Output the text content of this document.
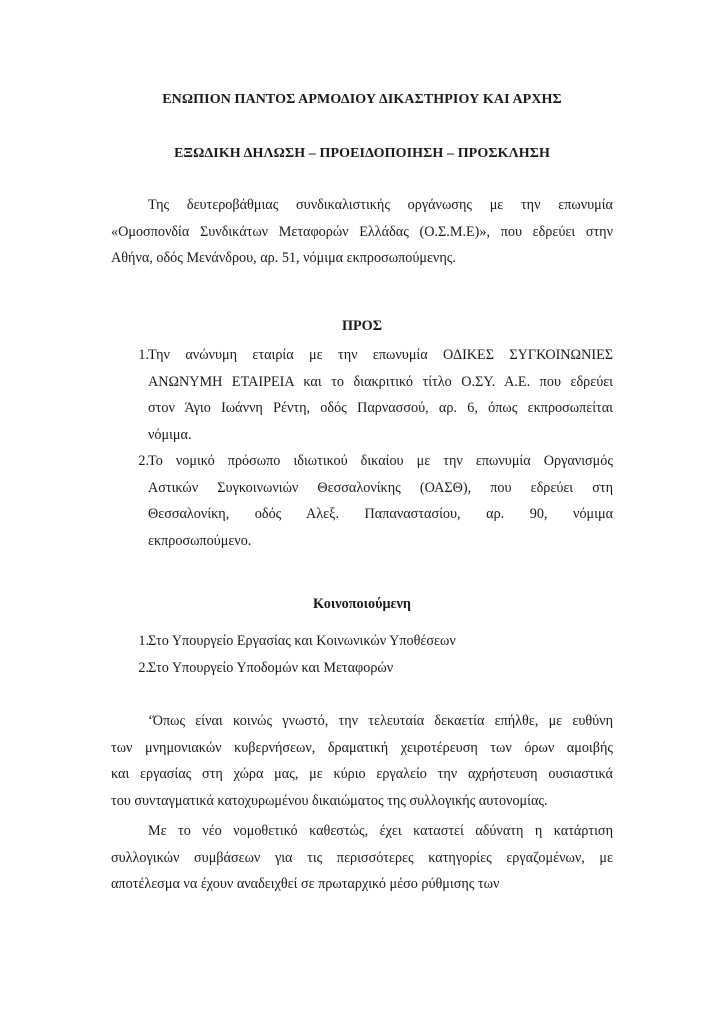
ΕΝΩΠΙΟΝ ΠΑΝΤΟΣ ΑΡΜΟΔΙΟΥ ΔΙΚΑΣΤΗΡΙΟΥ ΚΑΙ ΑΡΧΗΣ
ΕΞΩΔΙΚΗ ΔΗΛΩΣΗ – ΠΡΟΕΙΔΟΠΟΙΗΣΗ – ΠΡΟΣΚΛΗΣΗ
Της δευτεροβάθμιας συνδικαλιστικής οργάνωσης με την επωνυμία
«Ομοσπονδία Συνδικάτων Μεταφορών Ελλάδας (Ο.Σ.Μ.Ε)», που εδρεύει στην
Αθήνα, οδός Μενάνδρου, αρ. 51, νόμιμα εκπροσωπούμενης.
ΠΡΟΣ
1. Την ανώνυμη εταιρία με την επωνυμία ΟΔΙΚΕΣ ΣΥΓΚΟΙΝΩΝΙΕΣ
ΑΝΩΝΥΜΗ ΕΤΑΙΡΕΙΑ και το διακριτικό τίτλο Ο.ΣΥ. Α.Ε. που εδρεύει
στον Άγιο Ιωάννη Ρέντη, οδός Παρνασσού, αρ. 6, όπως εκπροσωπείται
νόμιμα.
2. Το νομικό πρόσωπο ιδιωτικού δικαίου με την επωνυμία Οργανισμός
Αστικών Συγκοινωνιών Θεσσαλονίκης (ΟΑΣΘ), που εδρεύει στη
Θεσσαλονίκη, οδός Αλεξ. Παπαναστασίου, αρ. 90, νόμιμα
εκπροσωπούμενο.
Κοινοποιούμενη
1. Στο Υπουργείο Εργασίας και Κοινωνικών Υποθέσεων
2. Στο Υπουργείο Υποδομών και Μεταφορών
‘Όπως είναι κοινώς γνωστό, την τελευταία δεκαετία επήλθε, με ευθύνη
των μνημονιακών κυβερνήσεων, δραματική χειροτέρευση των όρων αμοιβής
και εργασίας στη χώρα μας, με κύριο εργαλείο την αχρήστευση ουσιαστικά
του συνταγματικά κατοχυρωμένου δικαιώματος της συλλογικής αυτονομίας.
Με το νέο νομοθετικό καθεστώς, έχει καταστεί αδύνατη η κατάρτιση
συλλογικών συμβάσεων για τις περισσότερες κατηγορίες εργαζομένων, με
αποτέλεσμα να έχουν αναδειχθεί σε πρωταρχικό μέσο ρύθμισης των
